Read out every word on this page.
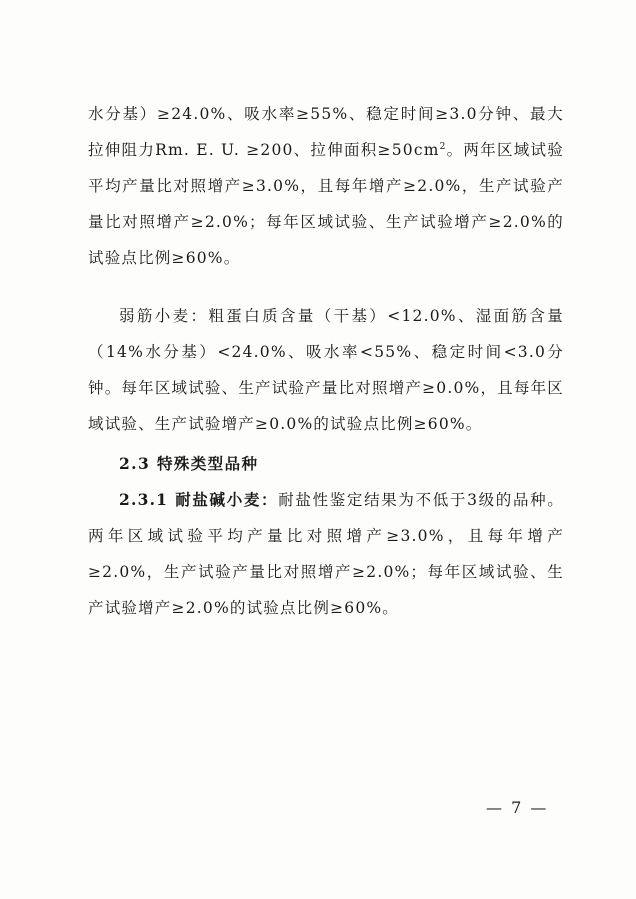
水分基）≥24.0%、吸水率≥55%、稳定时间≥3.0分钟、最大拉伸阻力Rm. E. U. ≥200、拉伸面积$\ge 50cm^2$。两年区域试验平均产量比对照增产≥3.0%，且每年增产≥2.0%，生产试验产量比对照增产≥2.0%；每年区域试验、生产试验增产≥2.0%的试验点比例≥60%。

弱筋小麦：粗蛋白质含量（干基）<12.0%、湿面筋含量（14%水分基）<24.0%、吸水率<55%、稳定时间<3.0分钟。每年区域试验、生产试验产量比对照增产≥0.0%，且每年区域试验、生产试验增产≥0.0%的试验点比例≥60%。

2.3 特殊类型品种

2.3.1 耐盐碱小麦：耐盐性鉴定结果为不低于3级的品种。两年区域试验平均产量比对照增产≥3.0%，且每年增产≥2.0%，生产试验产量比对照增产≥2.0%；每年区域试验、生产试验增产≥2.0%的试验点比例≥60%。

— 7 —
